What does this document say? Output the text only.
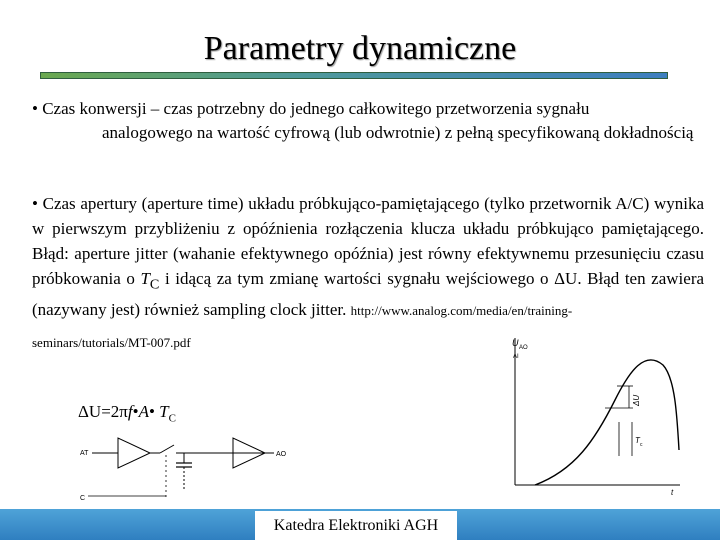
Parametry dynamiczne
• Czas konwersji – czas potrzebny do jednego całkowitego przetworzenia sygnału
analogowego na wartość cyfrową (lub odwrotnie) z pełną specyfikowaną dokładnością
• Czas apertury (aperture time) układu próbkująco-pamiętającego (tylko przetwornik A/C) wynika w pierwszym przybliżeniu z opóźnienia rozłączenia klucza układu próbkująco pamiętającego. Błąd: aperture jitter (wahanie efektywnego opóźnia) jest równy efektywnemu przesunięciu czasu próbkowania o $T_C$ i idącą za tym zmianę wartości sygnału wejściowego o ΔU. Błąd ten zawiera (nazywany jest) również sampling clock jitter. http://www.analog.com/media/en/training-
seminars/tutorials/MT-007.pdf
ΔU=2πf•A• $T_C$
AT	AO
C
U AO
AI
ΔU
T c
t
Katedra Elektroniki AGH
